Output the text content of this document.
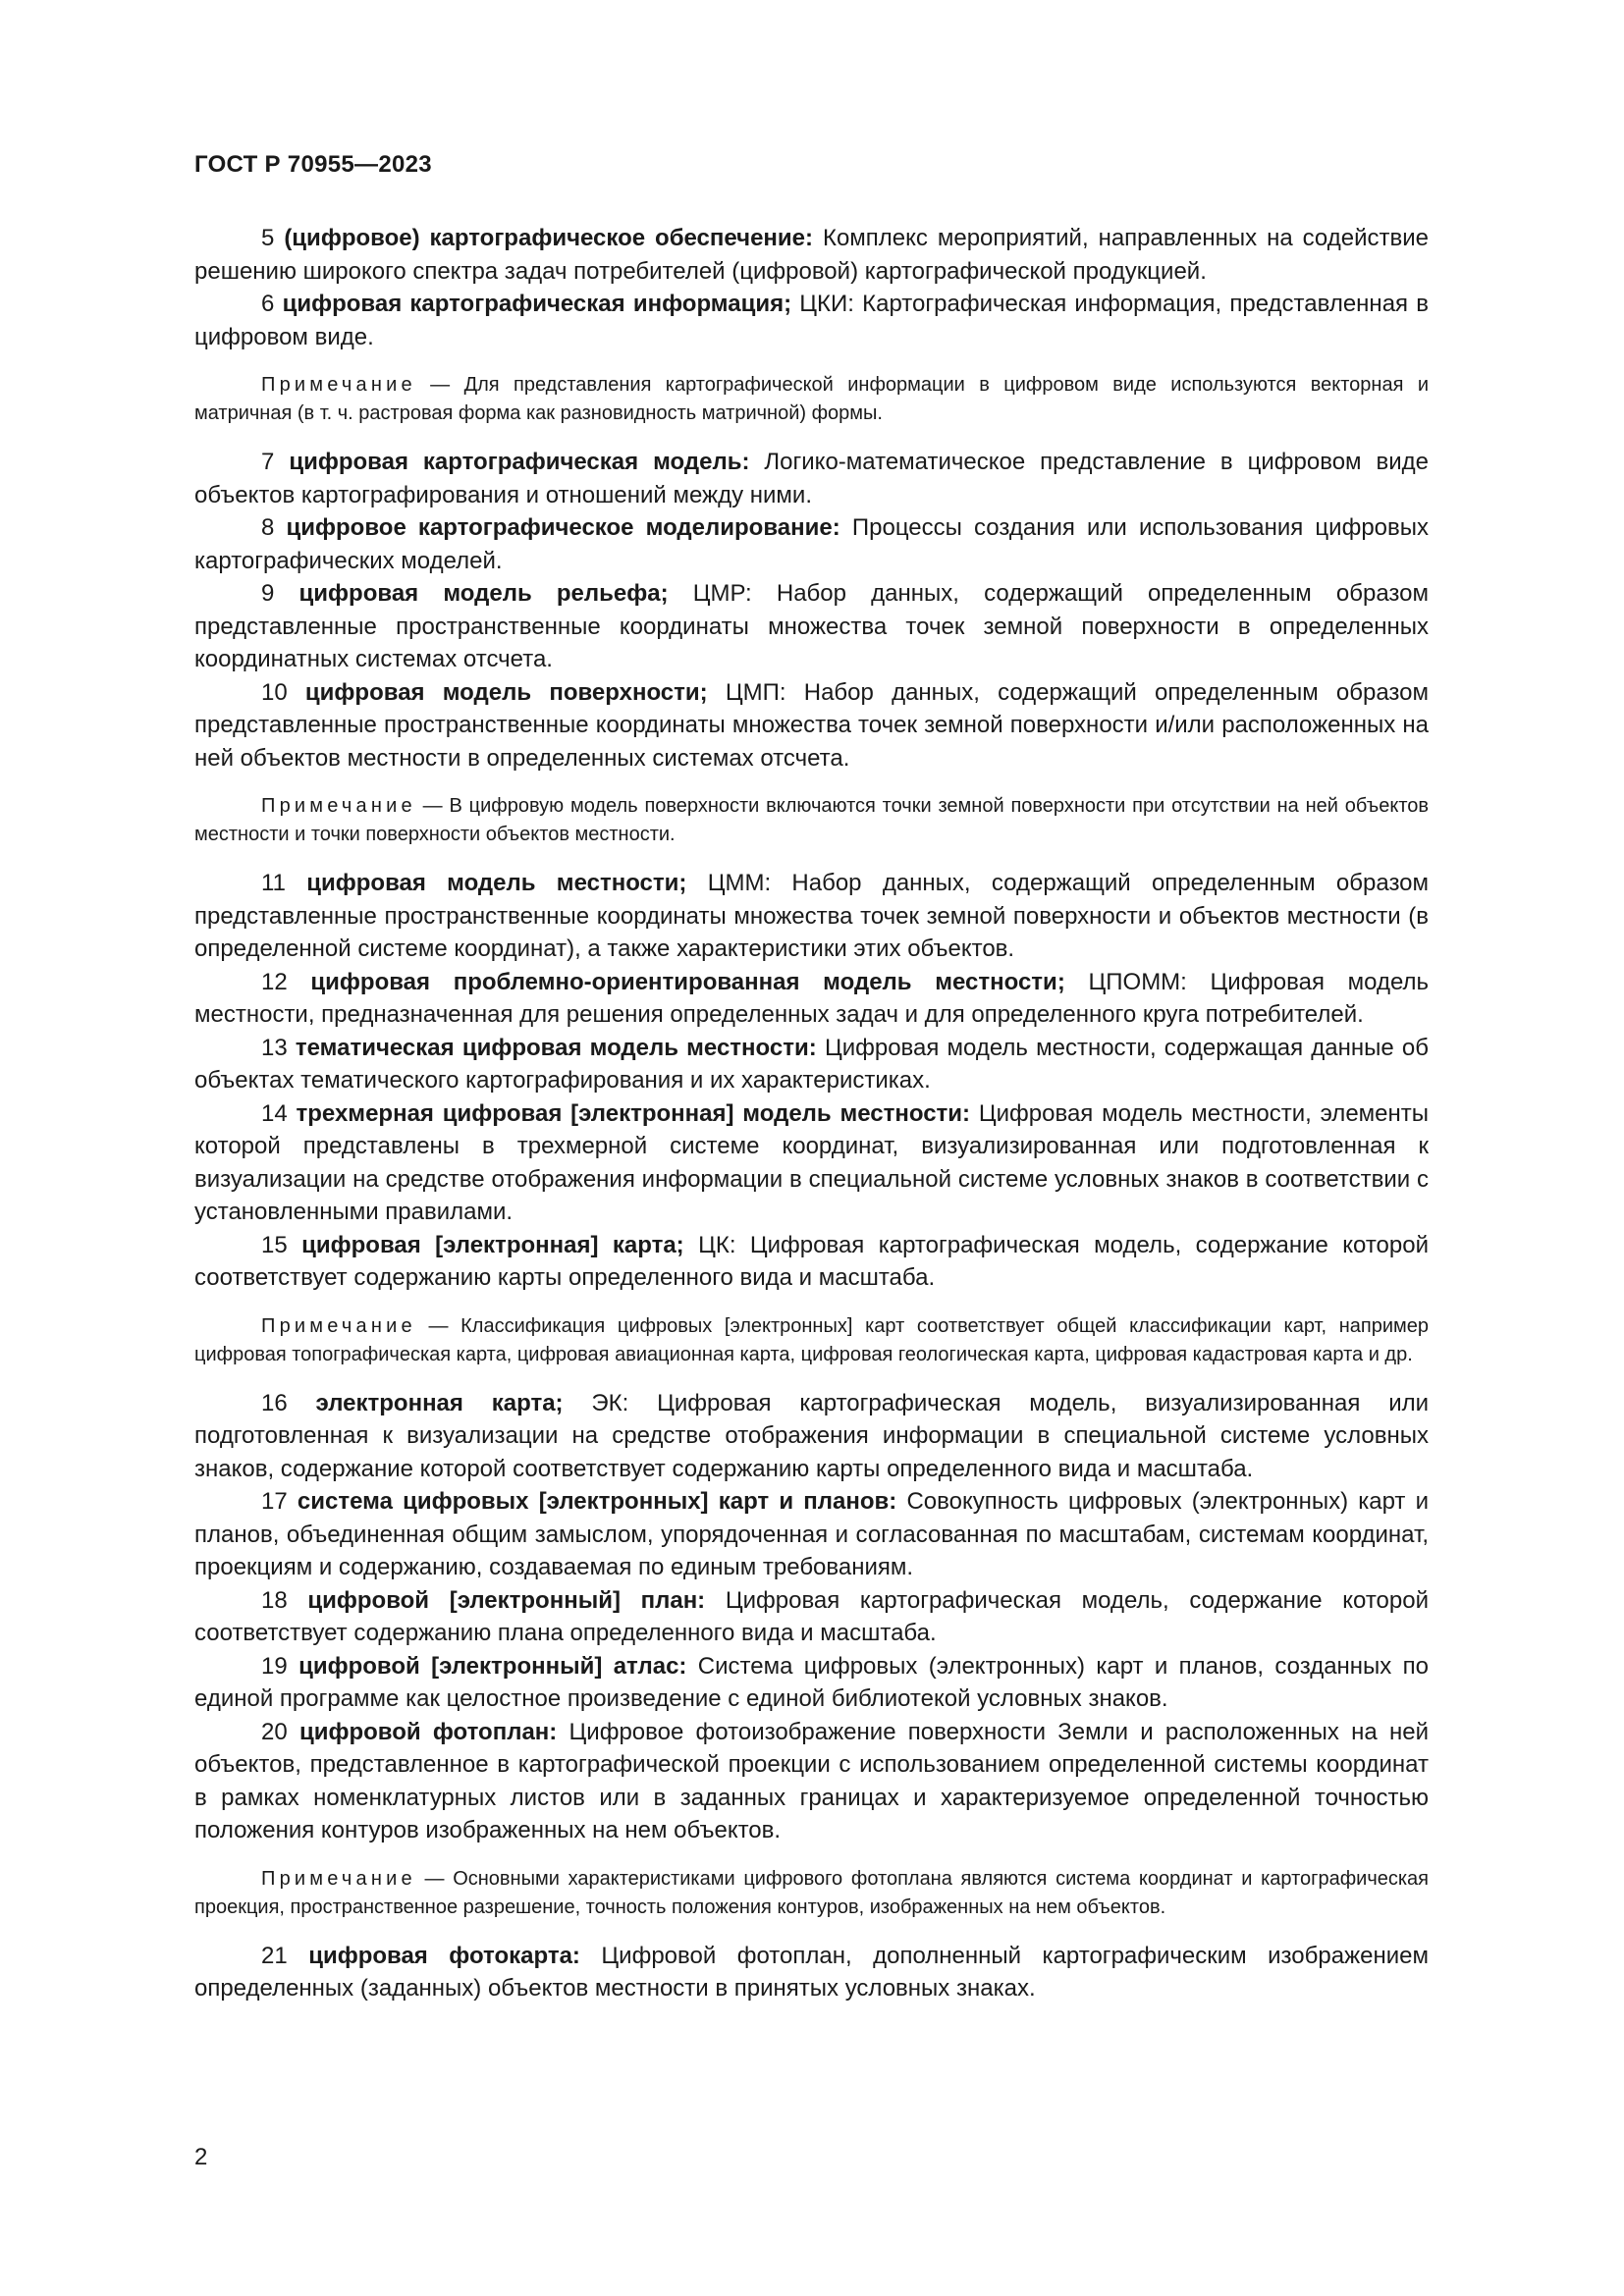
ГОСТ Р 70955—2023

5 (цифровое) картографическое обеспечение: Комплекс мероприятий, направленных на содействие решению широкого спектра задач потребителей (цифровой) картографической продукцией.

6 цифровая картографическая информация; ЦКИ: Картографическая информация, представленная в цифровом виде.

Примечание — Для представления картографической информации в цифровом виде используются векторная и матричная (в т. ч. растровая форма как разновидность матричной) формы.

7 цифровая картографическая модель: Логико-математическое представление в цифровом виде объектов картографирования и отношений между ними.

8 цифровое картографическое моделирование: Процессы создания или использования цифровых картографических моделей.

9 цифровая модель рельефа; ЦМР: Набор данных, содержащий определенным образом представленные пространственные координаты множества точек земной поверхности в определенных координатных системах отсчета.

10 цифровая модель поверхности; ЦМП: Набор данных, содержащий определенным образом представленные пространственные координаты множества точек земной поверхности и/или расположенных на ней объектов местности в определенных системах отсчета.

Примечание — В цифровую модель поверхности включаются точки земной поверхности при отсутствии на ней объектов местности и точки поверхности объектов местности.

11 цифровая модель местности; ЦММ: Набор данных, содержащий определенным образом представленные пространственные координаты множества точек земной поверхности и объектов местности (в определенной системе координат), а также характеристики этих объектов.

12 цифровая проблемно-ориентированная модель местности; ЦПОММ: Цифровая модель местности, предназначенная для решения определенных задач и для определенного круга потребителей.

13 тематическая цифровая модель местности: Цифровая модель местности, содержащая данные об объектах тематического картографирования и их характеристиках.

14 трехмерная цифровая [электронная] модель местности: Цифровая модель местности, элементы которой представлены в трехмерной системе координат, визуализированная или подготовленная к визуализации на средстве отображения информации в специальной системе условных знаков в соответствии с установленными правилами.

15 цифровая [электронная] карта; ЦК: Цифровая картографическая модель, содержание которой соответствует содержанию карты определенного вида и масштаба.

Примечание — Классификация цифровых [электронных] карт соответствует общей классификации карт, например цифровая топографическая карта, цифровая авиационная карта, цифровая геологическая карта, цифровая кадастровая карта и др.

16 электронная карта; ЭК: Цифровая картографическая модель, визуализированная или подготовленная к визуализации на средстве отображения информации в специальной системе условных знаков, содержание которой соответствует содержанию карты определенного вида и масштаба.

17 система цифровых [электронных] карт и планов: Совокупность цифровых (электронных) карт и планов, объединенная общим замыслом, упорядоченная и согласованная по масштабам, системам координат, проекциям и содержанию, создаваемая по единым требованиям.

18 цифровой [электронный] план: Цифровая картографическая модель, содержание которой соответствует содержанию плана определенного вида и масштаба.

19 цифровой [электронный] атлас: Система цифровых (электронных) карт и планов, созданных по единой программе как целостное произведение с единой библиотекой условных знаков.

20 цифровой фотоплан: Цифровое фотоизображение поверхности Земли и расположенных на ней объектов, представленное в картографической проекции с использованием определенной системы координат в рамках номенклатурных листов или в заданных границах и характеризуемое определенной точностью положения контуров изображенных на нем объектов.

Примечание — Основными характеристиками цифрового фотоплана являются система координат и картографическая проекция, пространственное разрешение, точность положения контуров, изображенных на нем объектов.

21 цифровая фотокарта: Цифровой фотоплан, дополненный картографическим изображением определенных (заданных) объектов местности в принятых условных знаках.

2
